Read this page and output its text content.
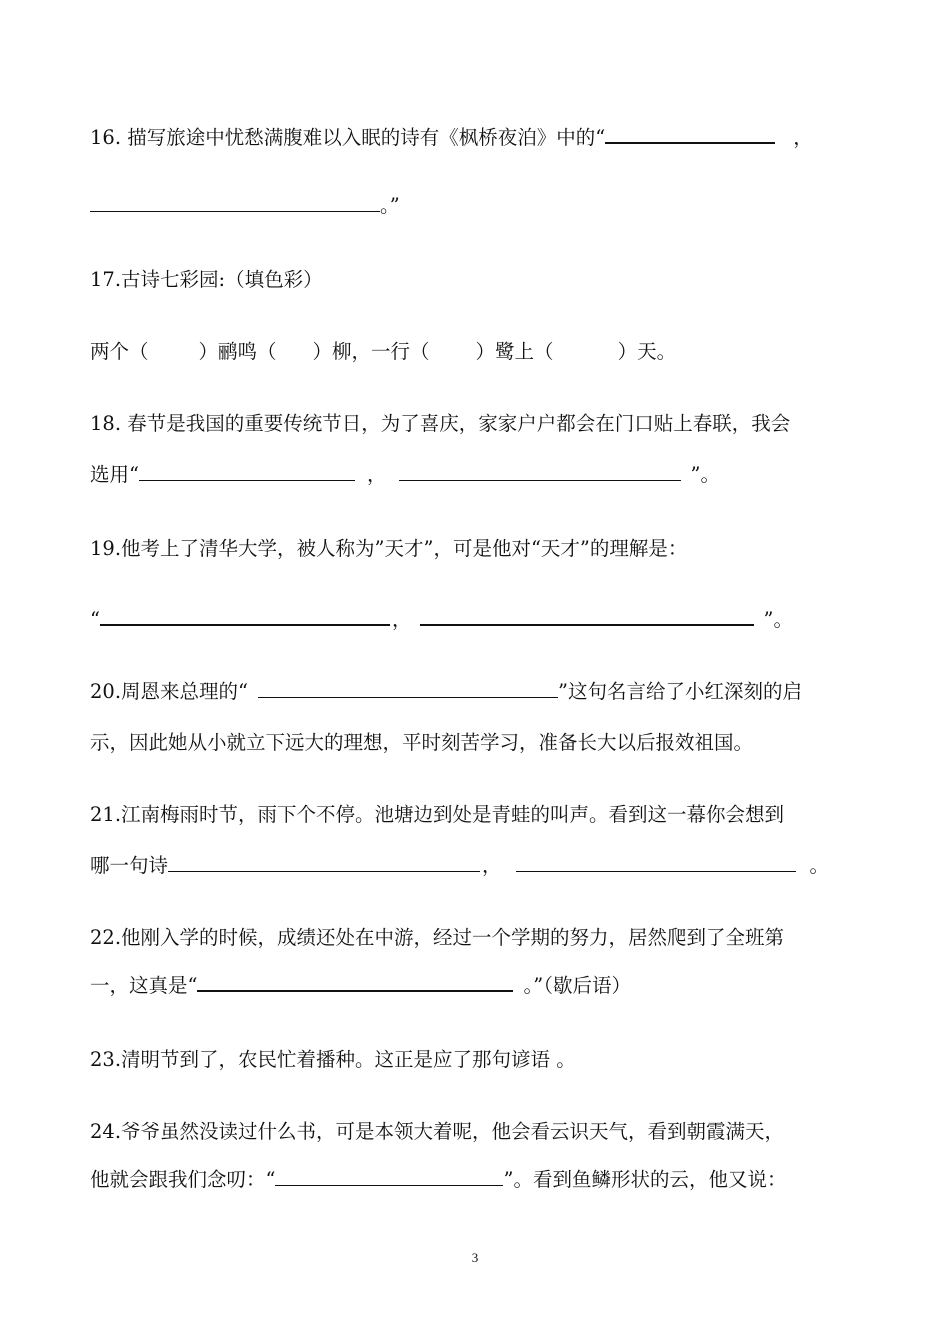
16. 描写旅途中忧愁满腹难以入眠的诗有《枫桥夜泊》中的“	，
。”
17.古诗七彩园:（填色彩）
两个（	）鹂鸣（ ）柳，一行（ ）鹭上（	）天。
18. 春节是我国的重要传统节日，为了喜庆，家家户户都会在门口贴上春联，我会
选用“	，	”。
19.他考上了清华大学，被人称为”天才”，可是他对“天才”的理解是：
“	，	”。
20.周恩来总理的“	”这句名言给了小红深刻的启
示，因此她从小就立下远大的理想，平时刻苦学习，准备长大以后报效祖国。
21.江南梅雨时节，雨下个不停。池塘边到处是青蛙的叫声。看到这一幕你会想到
哪一句诗	，	。
22.他刚入学的时候，成绩还处在中游，经过一个学期的努力，居然爬到了全班第
一，这真是“	。”（歇后语）
23.清明节到了，农民忙着播种。这正是应了那句谚语 。
24.爷爷虽然没读过什么书，可是本领大着呢，他会看云识天气，看到朝霞满天，
他就会跟我们念叨：“	”。看到鱼鳞形状的云，他又说：
3
